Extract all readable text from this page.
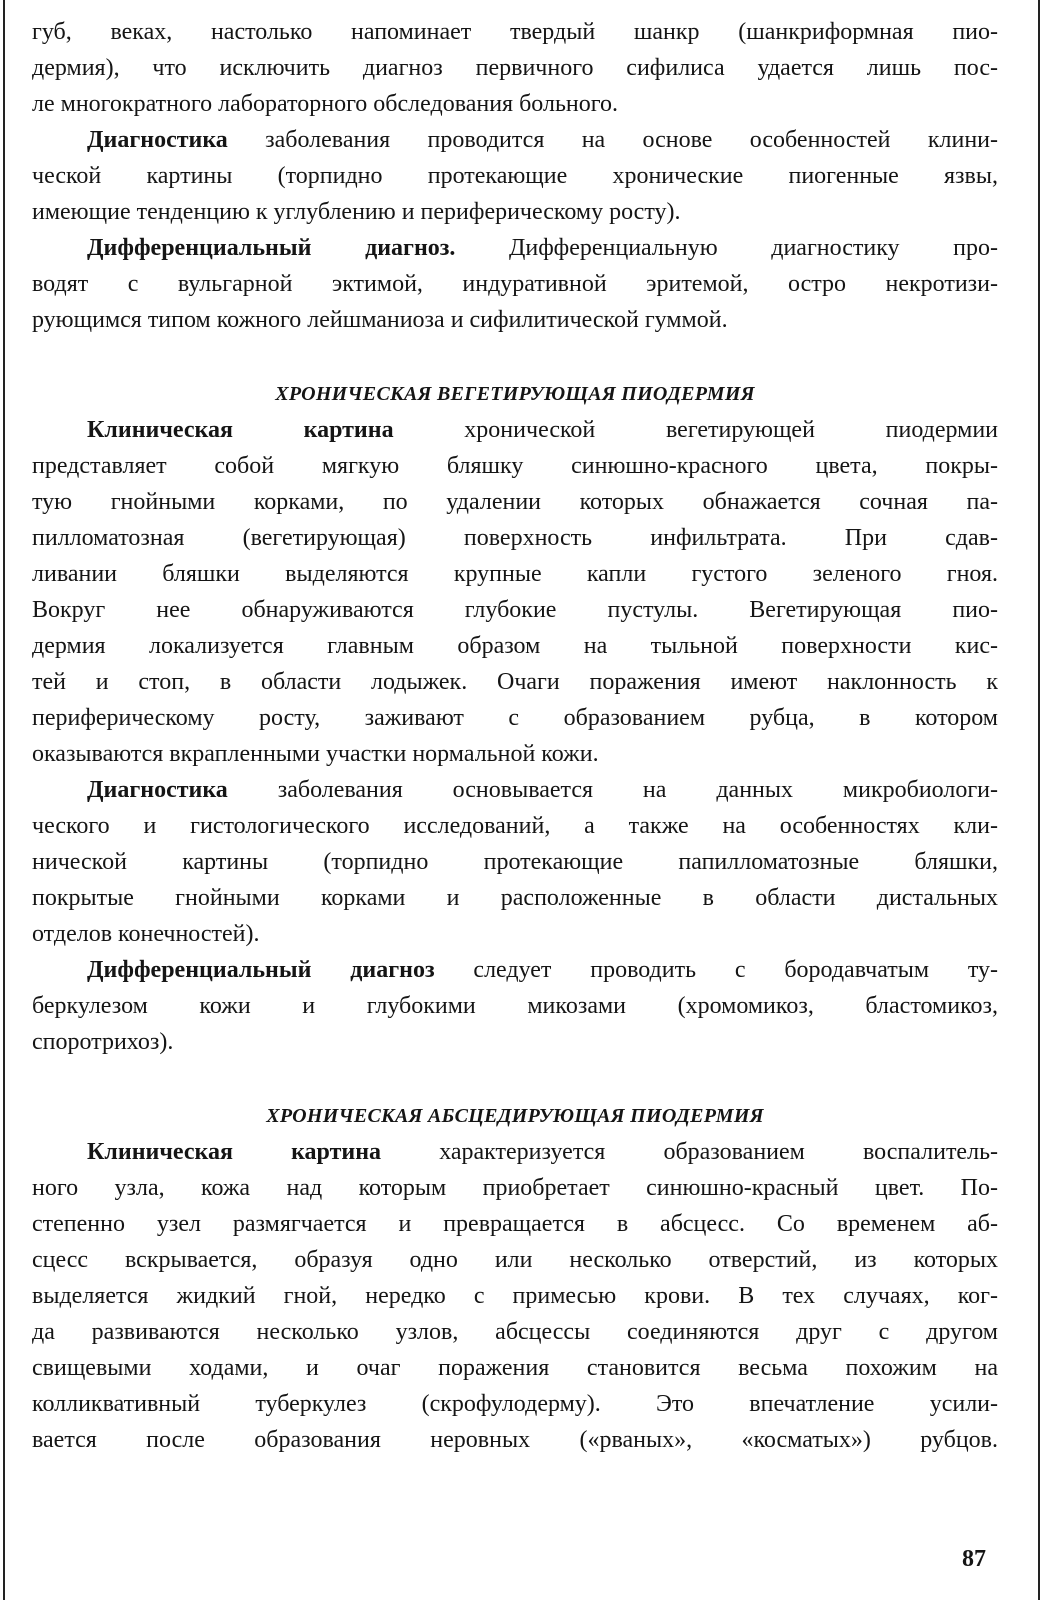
губ, веках, настолько напоминает твердый шанкр (шанкриформная пио-
дермия), что исключить диагноз первичного сифилиса удается лишь пос-
ле многократного лабораторного обследования больного.
Диагностика заболевания проводится на основе особенностей клини-
ческой картины (торпидно протекающие хронические пиогенные язвы,
имеющие тенденцию к углублению и периферическому росту).
Дифференциальный диагноз. Дифференциальную диагностику про-
водят с вульгарной эктимой, индуративной эритемой, остро некротизи-
рующимся типом кожного лейшманиоза и сифилитической гуммой.
ХРОНИЧЕСКАЯ ВЕГЕТИРУЮЩАЯ ПИОДЕРМИЯ
Клиническая картина хронической вегетирующей пиодермии
представляет собой мягкую бляшку синюшно-красного цвета, покры-
тую гнойными корками, по удалении которых обнажается сочная па-
пилломатозная (вегетирующая) поверхность инфильтрата. При сдав-
ливании бляшки выделяются крупные капли густого зеленого гноя.
Вокруг нее обнаруживаются глубокие пустулы. Вегетирующая пио-
дермия локализуется главным образом на тыльной поверхности кис-
тей и стоп, в области лодыжек. Очаги поражения имеют наклонность к
периферическому росту, заживают с образованием рубца, в котором
оказываются вкрапленными участки нормальной кожи.
Диагностика заболевания основывается на данных микробиологи-
ческого и гистологического исследований, а также на особенностях кли-
нической картины (торпидно протекающие папилломатозные бляшки,
покрытые гнойными корками и расположенные в области дистальных
отделов конечностей).
Дифференциальный диагноз следует проводить с бородавчатым ту-
беркулезом кожи и глубокими микозами (хромомикоз, бластомикоз,
споротрихоз).
ХРОНИЧЕСКАЯ АБСЦЕДИРУЮЩАЯ ПИОДЕРМИЯ
Клиническая картина характеризуется образованием воспалитель-
ного узла, кожа над которым приобретает синюшно-красный цвет. По-
степенно узел размягчается и превращается в абсцесс. Со временем аб-
сцесс вскрывается, образуя одно или несколько отверстий, из которых
выделяется жидкий гной, нередко с примесью крови. В тех случаях, ког-
да развиваются несколько узлов, абсцессы соединяются друг с другом
свищевыми ходами, и очаг поражения становится весьма похожим на
колликвативный туберкулез (скрофулодерму). Это впечатление усили-
вается после образования неровных («рваных», «косматых») рубцов.
87
